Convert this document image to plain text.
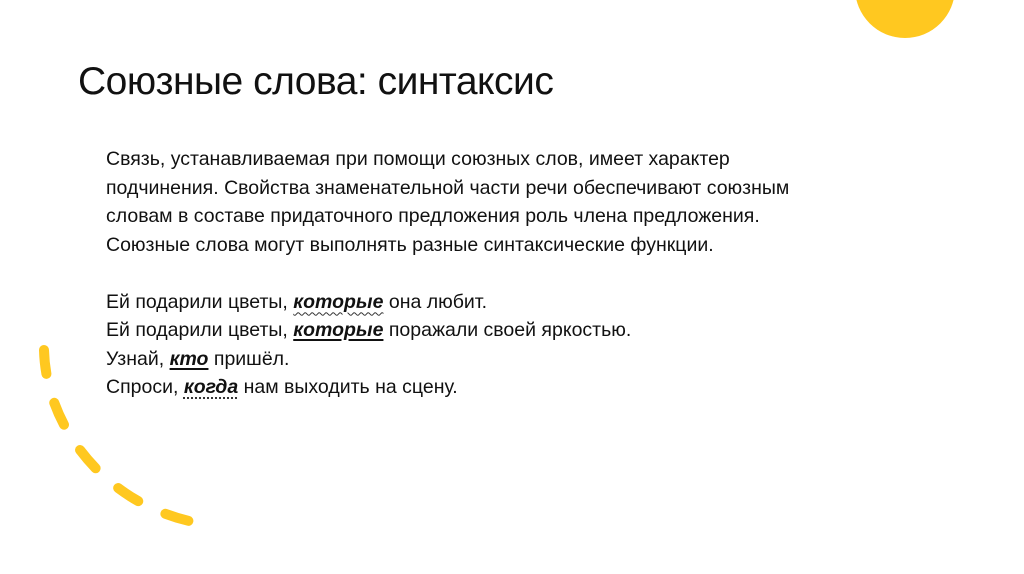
Союзные слова: синтаксис

Связь, устанавливаемая при помощи союзных слов, имеет характер

подчинения. Свойства знаменательной части речи обеспечивают союзным

словам в составе придаточного предложения роль члена предложения.

Союзные слова могут выполнять разные синтаксические функции.

Ей подарили цветы, которые она любит.

Ей подарили цветы, которые поражали своей яркостью.

Узнай, кто пришёл.

Спроси, когда нам выходить на сцену.
